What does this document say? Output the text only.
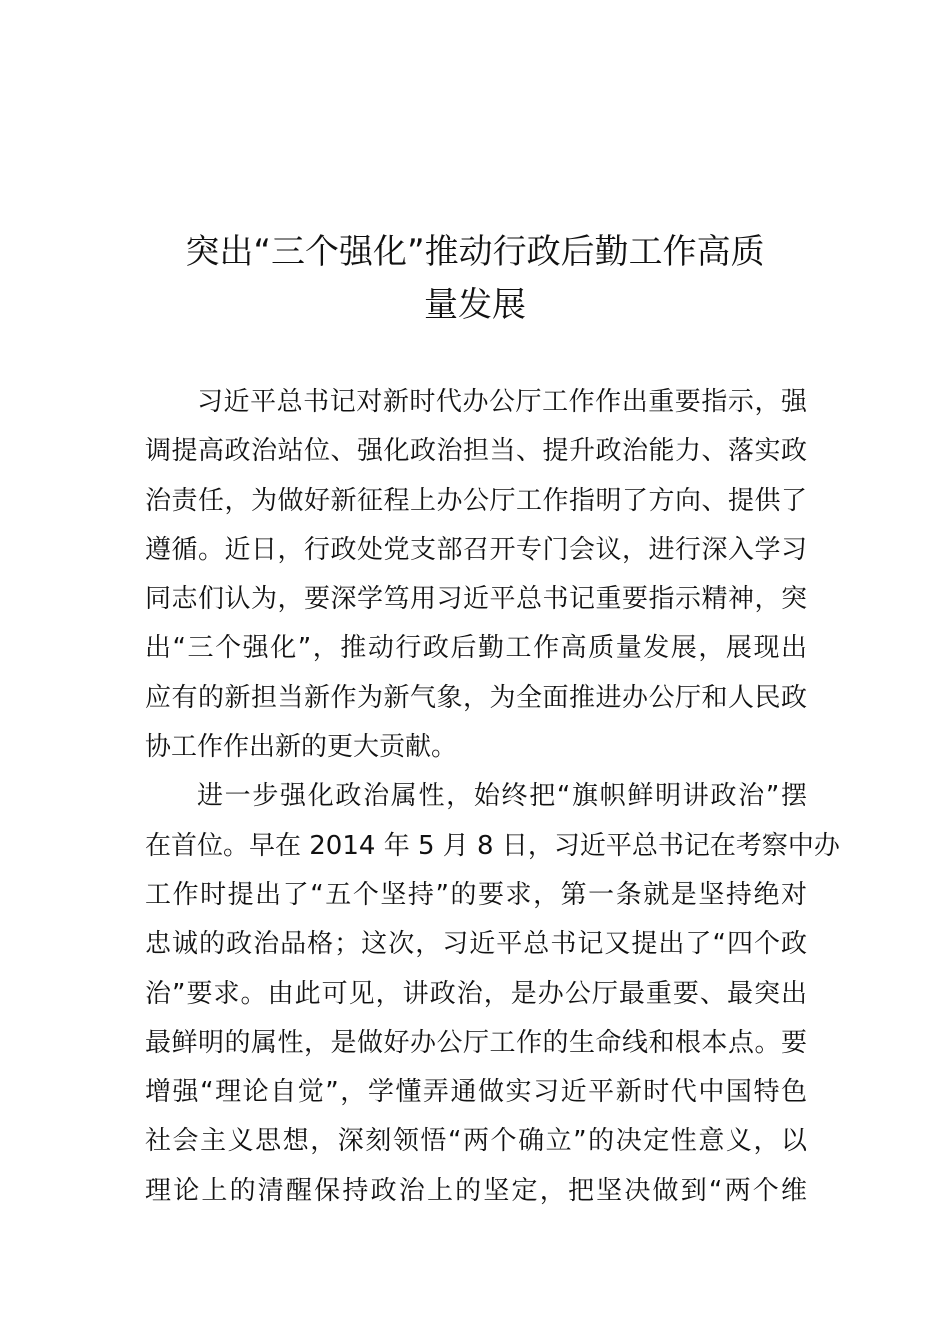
突出“三个强化”推动行政后勤工作高质
量发展

习近平总书记对新时代办公厅工作作出重要指示，强
调提高政治站位、强化政治担当、提升政治能力、落实政
治责任，为做好新征程上办公厅工作指明了方向、提供了
遵循。近日，行政处党支部召开专门会议，进行深入学习
同志们认为，要深学笃用习近平总书记重要指示精神，突
出“三个强化”，推动行政后勤工作高质量发展，展现出
应有的新担当新作为新气象，为全面推进办公厅和人民政
协工作作出新的更大贡献。

进一步强化政治属性，始终把“旗帜鲜明讲政治”摆
在首位。早在 2014 年 5 月 8 日，习近平总书记在考察中办
工作时提出了“五个坚持”的要求，第一条就是坚持绝对
忠诚的政治品格；这次，习近平总书记又提出了“四个政
治”要求。由此可见，讲政治，是办公厅最重要、最突出
最鲜明的属性，是做好办公厅工作的生命线和根本点。要
增强“理论自觉”，学懂弄通做实习近平新时代中国特色
社会主义思想，深刻领悟“两个确立”的决定性意义，以
理论上的清醒保持政治上的坚定，把坚决做到“两个维
